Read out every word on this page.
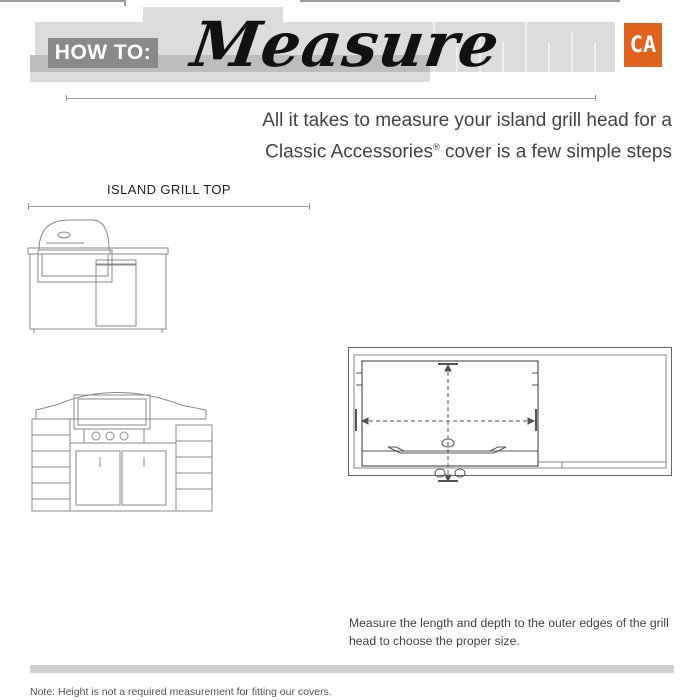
HOW TO: Measure	CA
All it takes to measure your island grill head for a
Classic Accessories® cover is a few simple steps
ISLAND GRILL TOP
Measure the length and depth to the outer edges of the grill head to choose the proper size.
Note: Height is not a required measurement for fitting our covers.
